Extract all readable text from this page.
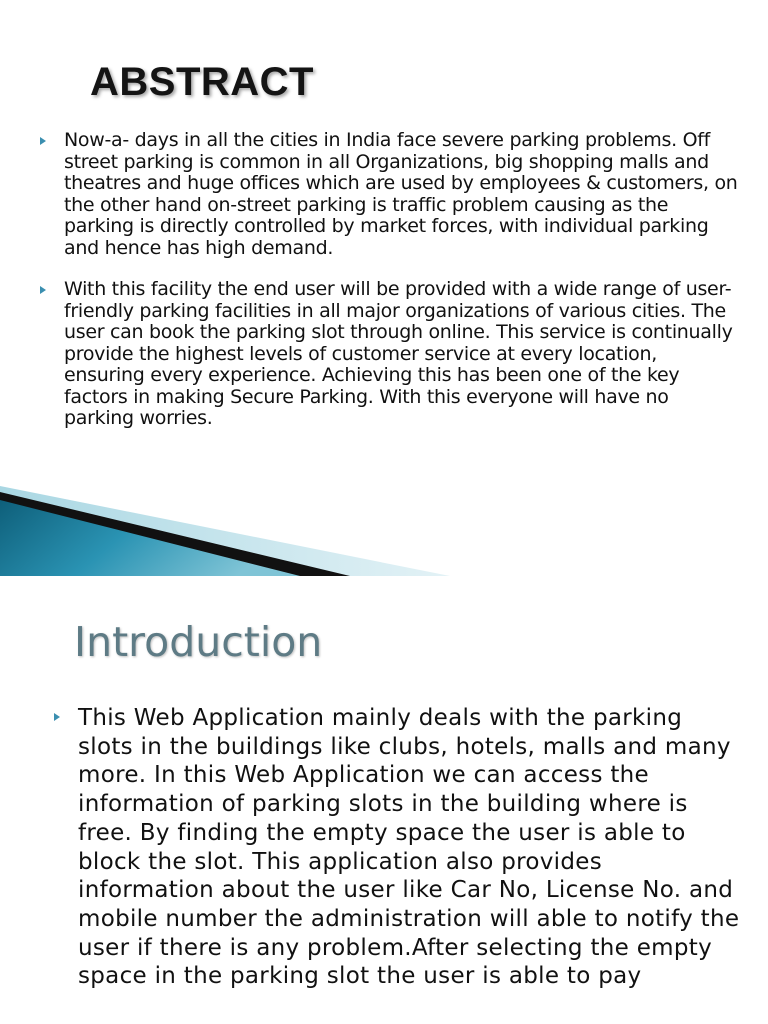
ABSTRACT
Now-a- days in all the cities in India face severe parking problems. Off street parking is common in all Organizations, big shopping malls and theatres and huge offices which are used by employees & customers, on the other hand on-street parking is traffic problem causing as the parking is directly controlled by market forces, with individual parking and hence has high demand.
With this facility the end user will be provided with a wide range of user-friendly parking facilities in all major organizations of various cities. The user can book the parking slot through online. This service is continually provide the highest levels of customer service at every location, ensuring every experience. Achieving this has been one of the key factors in making Secure Parking. With this everyone will have no parking worries.
Introduction
This Web Application mainly deals with the parking slots in the buildings like clubs, hotels, malls and many more. In this Web Application we can access the information of parking slots in the building where is free. By finding the empty space the user is able to block the slot. This application also provides information about the user like Car No, License No. and mobile number the administration will able to notify the user if there is any problem.After selecting the empty space in the parking slot the user is able to pay
